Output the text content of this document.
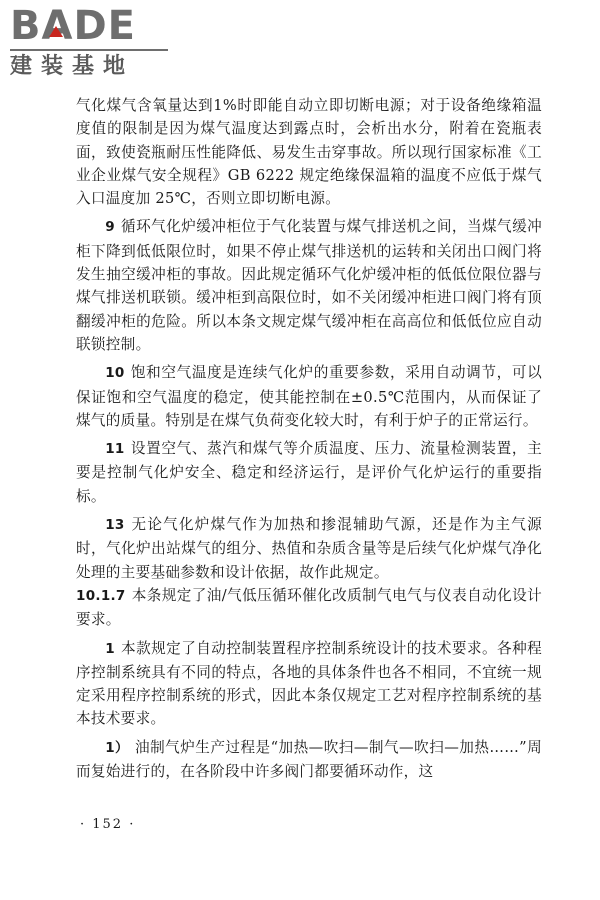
BA
DE
建装基地

气化煤气含氧量达到1%时即能自动立即切断电源；对于设备绝缘箱温度值的限制是因为煤气温度达到露点时，会析出水分，附着在瓷瓶表面，致使瓷瓶耐压性能降低、易发生击穿事故。所以现行国家标准《工业企业煤气安全规程》GB 6222 规定绝缘保温箱的温度不应低于煤气入口温度加 25℃，否则立即切断电源。

9 循环气化炉缓冲柜位于气化装置与煤气排送机之间，当煤气缓冲柜下降到低低限位时，如果不停止煤气排送机的运转和关闭出口阀门将发生抽空缓冲柜的事故。因此规定循环气化炉缓冲柜的低低位限位器与煤气排送机联锁。缓冲柜到高限位时，如不关闭缓冲柜进口阀门将有顶翻缓冲柜的危险。所以本条文规定煤气缓冲柜在高高位和低低位应自动联锁控制。

10 饱和空气温度是连续气化炉的重要参数，采用自动调节，可以保证饱和空气温度的稳定，使其能控制在±0.5℃范围内，从而保证了煤气的质量。特别是在煤气负荷变化较大时，有利于炉子的正常运行。

11 设置空气、蒸汽和煤气等介质温度、压力、流量检测装置，主要是控制气化炉安全、稳定和经济运行，是评价气化炉运行的重要指标。

13 无论气化炉煤气作为加热和掺混辅助气源，还是作为主气源时，气化炉出站煤气的组分、热值和杂质含量等是后续气化炉煤气净化处理的主要基础参数和设计依据，故作此规定。

10.1.7 本条规定了油/气低压循环催化改质制气电气与仪表自动化设计要求。

1 本款规定了自动控制装置程序控制系统设计的技术要求。各种程序控制系统具有不同的特点，各地的具体条件也各不相同，不宜统一规定采用程序控制系统的形式，因此本条仅规定工艺对程序控制系统的基本技术要求。

1） 油制气炉生产过程是“加热—吹扫—制气—吹扫—加热……”周而复始进行的，在各阶段中许多阀门都要循环动作，这

· 152 ·
